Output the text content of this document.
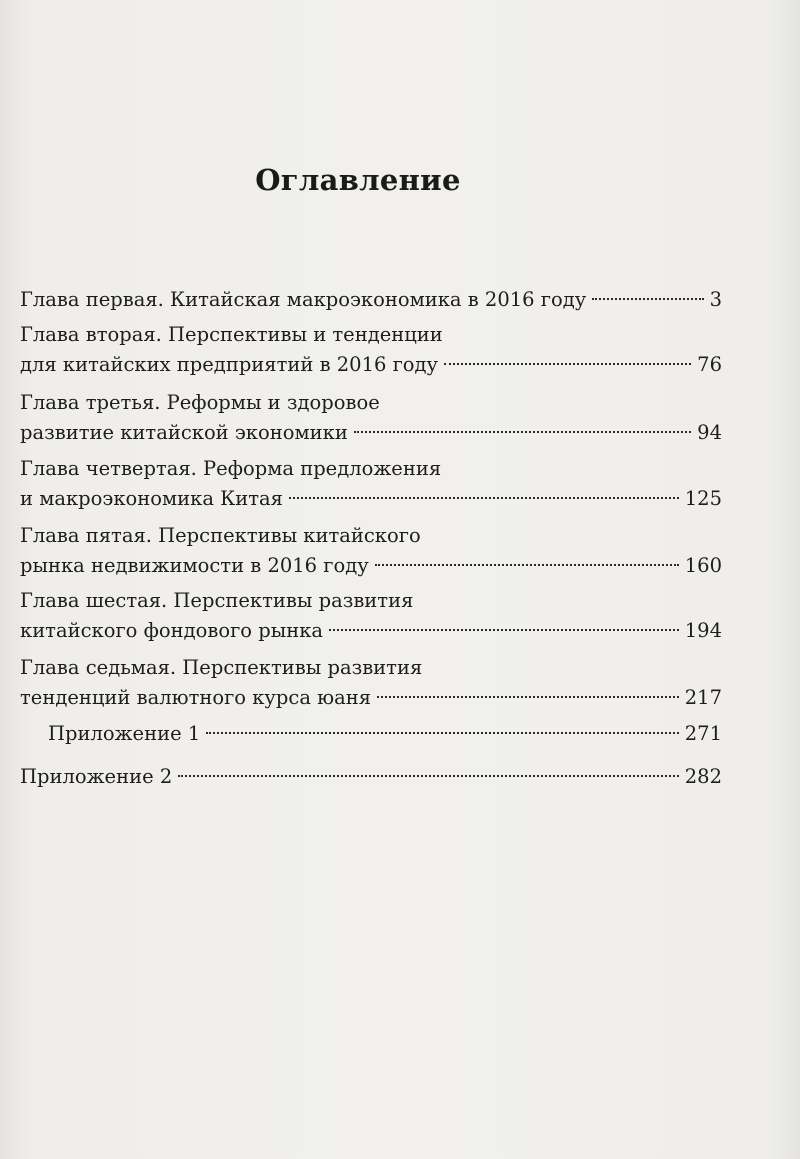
Оглавление
Глава первая. Китайская макроэкономика в 2016 году	3
Глава вторая. Перспективы и тенденции
для китайских предприятий в 2016 году	76
Глава третья. Реформы и здоровое
развитие китайской экономики	94
Глава четвертая. Реформа предложения
и макроэкономика Китая	125
Глава пятая. Перспективы китайского
рынка недвижимости в 2016 году	160
Глава шестая. Перспективы развития
китайского фондового рынка	194
Глава седьмая. Перспективы развития
тенденций валютного курса юаня	217
Приложение 1	271
Приложение 2	282
